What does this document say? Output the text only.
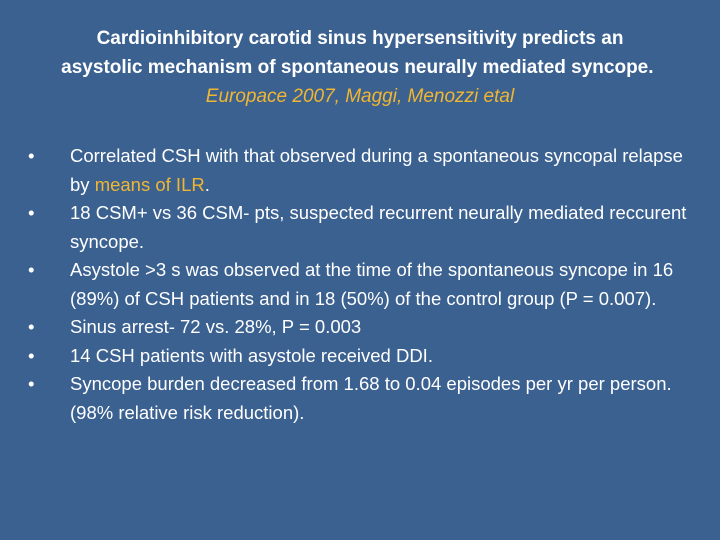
Cardioinhibitory carotid sinus hypersensitivity predicts an asystolic mechanism of spontaneous neurally mediated syncope.  Europace 2007, Maggi, Menozzi etal
•	Correlated CSH with that observed during a spontaneous syncopal relapse by means of ILR.
•	18 CSM+ vs 36 CSM- pts, suspected recurrent neurally mediated reccurent syncope.
•	Asystole >3 s was observed at the time of the spontaneous syncope in 16 (89%) of CSH patients and in 18 (50%) of the control group (P = 0.007).
•	Sinus arrest- 72 vs. 28%, P = 0.003
•	14 CSH patients with asystole received DDI.
•	Syncope burden decreased from 1.68 to 0.04 episodes per yr per person. (98% relative risk reduction).
